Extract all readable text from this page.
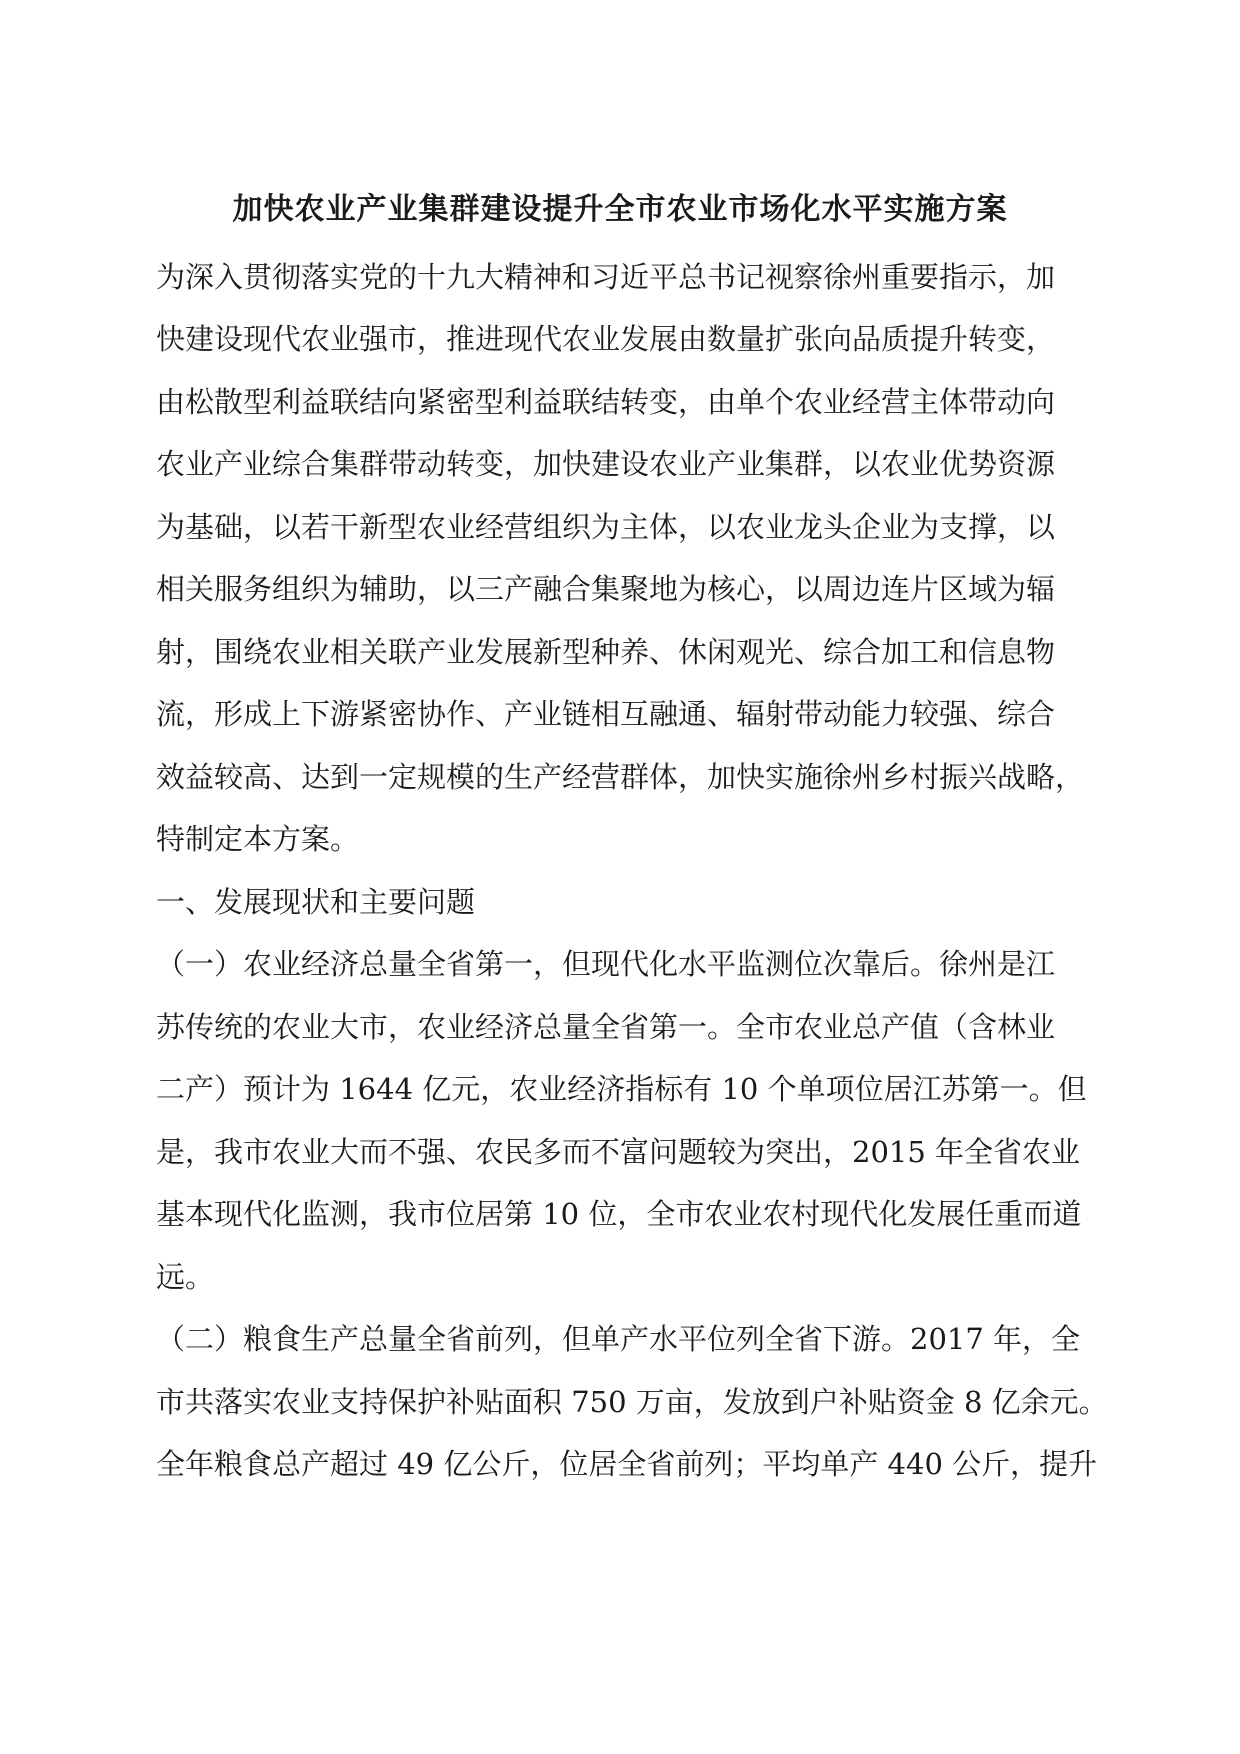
加快农业产业集群建设提升全市农业市场化水平实施方案

为深入贯彻落实党的十九大精神和习近平总书记视察徐州重要指示，加

快建设现代农业强市，推进现代农业发展由数量扩张向品质提升转变，

由松散型利益联结向紧密型利益联结转变，由单个农业经营主体带动向

农业产业综合集群带动转变，加快建设农业产业集群，以农业优势资源

为基础，以若干新型农业经营组织为主体，以农业龙头企业为支撑，以

相关服务组织为辅助，以三产融合集聚地为核心，以周边连片区域为辐

射，围绕农业相关联产业发展新型种养、休闲观光、综合加工和信息物

流，形成上下游紧密协作、产业链相互融通、辐射带动能力较强、综合

效益较高、达到一定规模的生产经营群体，加快实施徐州乡村振兴战略，

特制定本方案。

一、发展现状和主要问题

（一）农业经济总量全省第一，但现代化水平监测位次靠后。徐州是江

苏传统的农业大市，农业经济总量全省第一。全市农业总产值（含林业

二产）预计为 1644 亿元，农业经济指标有 10 个单项位居江苏第一。但

是，我市农业大而不强、农民多而不富问题较为突出，2015 年全省农业

基本现代化监测，我市位居第 10 位，全市农业农村现代化发展任重而道

远。

（二）粮食生产总量全省前列，但单产水平位列全省下游。2017 年，全

市共落实农业支持保护补贴面积 750 万亩，发放到户补贴资金 8 亿余元。

全年粮食总产超过 49 亿公斤，位居全省前列；平均单产 440 公斤，提升
